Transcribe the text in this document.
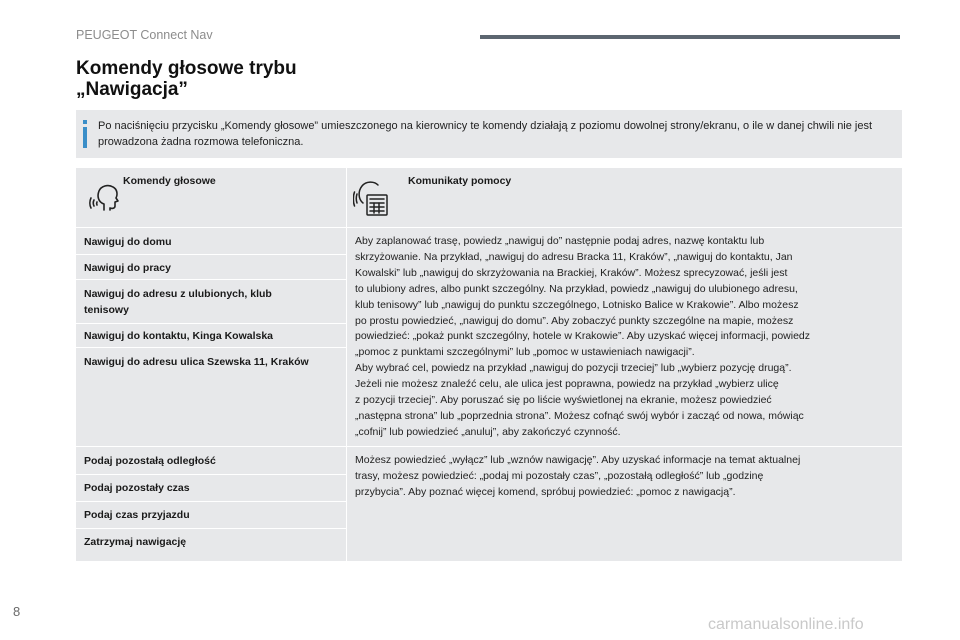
PEUGEOT Connect Nav
Komendy głosowe trybu
„Nawigacja”
Po naciśnięciu przycisku „Komendy głosowe” umieszczonego na kierownicy te komendy działają z poziomu dowolnej strony/ekranu, o ile w danej chwili nie jest prowadzona żadna rozmowa telefoniczna.
Komendy głosowe	Komunikaty pomocy
Nawiguj do domu
Nawiguj do pracy
Nawiguj do adresu z ulubionych, klub tenisowy
Nawiguj do kontaktu, Kinga Kowalska
Nawiguj do adresu ulica Szewska 11, Kraków
Aby zaplanować trasę, powiedz „nawiguj do” następnie podaj adres, nazwę kontaktu lub
skrzyżowanie. Na przykład, „nawiguj do adresu Bracka 11, Kraków”, „nawiguj do kontaktu, Jan
Kowalski” lub „nawiguj do skrzyżowania na Brackiej, Kraków”. Możesz sprecyzować, jeśli jest
to ulubiony adres, albo punkt szczególny. Na przykład, powiedz „nawiguj do ulubionego adresu,
klub tenisowy” lub „nawiguj do punktu szczególnego, Lotnisko Balice w Krakowie”. Albo możesz
po prostu powiedzieć, „nawiguj do domu”. Aby zobaczyć punkty szczególne na mapie, możesz
powiedzieć: „pokaż punkt szczególny, hotele w Krakowie”. Aby uzyskać więcej informacji, powiedz
„pomoc z punktami szczególnymi” lub „pomoc w ustawieniach nawigacji”.
Aby wybrać cel, powiedz na przykład „nawiguj do pozycji trzeciej” lub „wybierz pozycję drugą”.
Jeżeli nie możesz znaleźć celu, ale ulica jest poprawna, powiedz na przykład „wybierz ulicę
z pozycji trzeciej”. Aby poruszać się po liście wyświetlonej na ekranie, możesz powiedzieć
„następna strona” lub „poprzednia strona”. Możesz cofnąć swój wybór i zacząć od nowa, mówiąc
„cofnij” lub powiedzieć „anuluj”, aby zakończyć czynność.
Podaj pozostałą odległość
Podaj pozostały czas
Podaj czas przyjazdu
Zatrzymaj nawigację
Możesz powiedzieć „wyłącz” lub „wznów nawigację”. Aby uzyskać informacje na temat aktualnej
trasy, możesz powiedzieć: „podaj mi pozostały czas”, „pozostałą odległość” lub „godzinę
przybycia”. Aby poznać więcej komend, spróbuj powiedzieć: „pomoc z nawigacją”.
8
carmanualsonline.info
